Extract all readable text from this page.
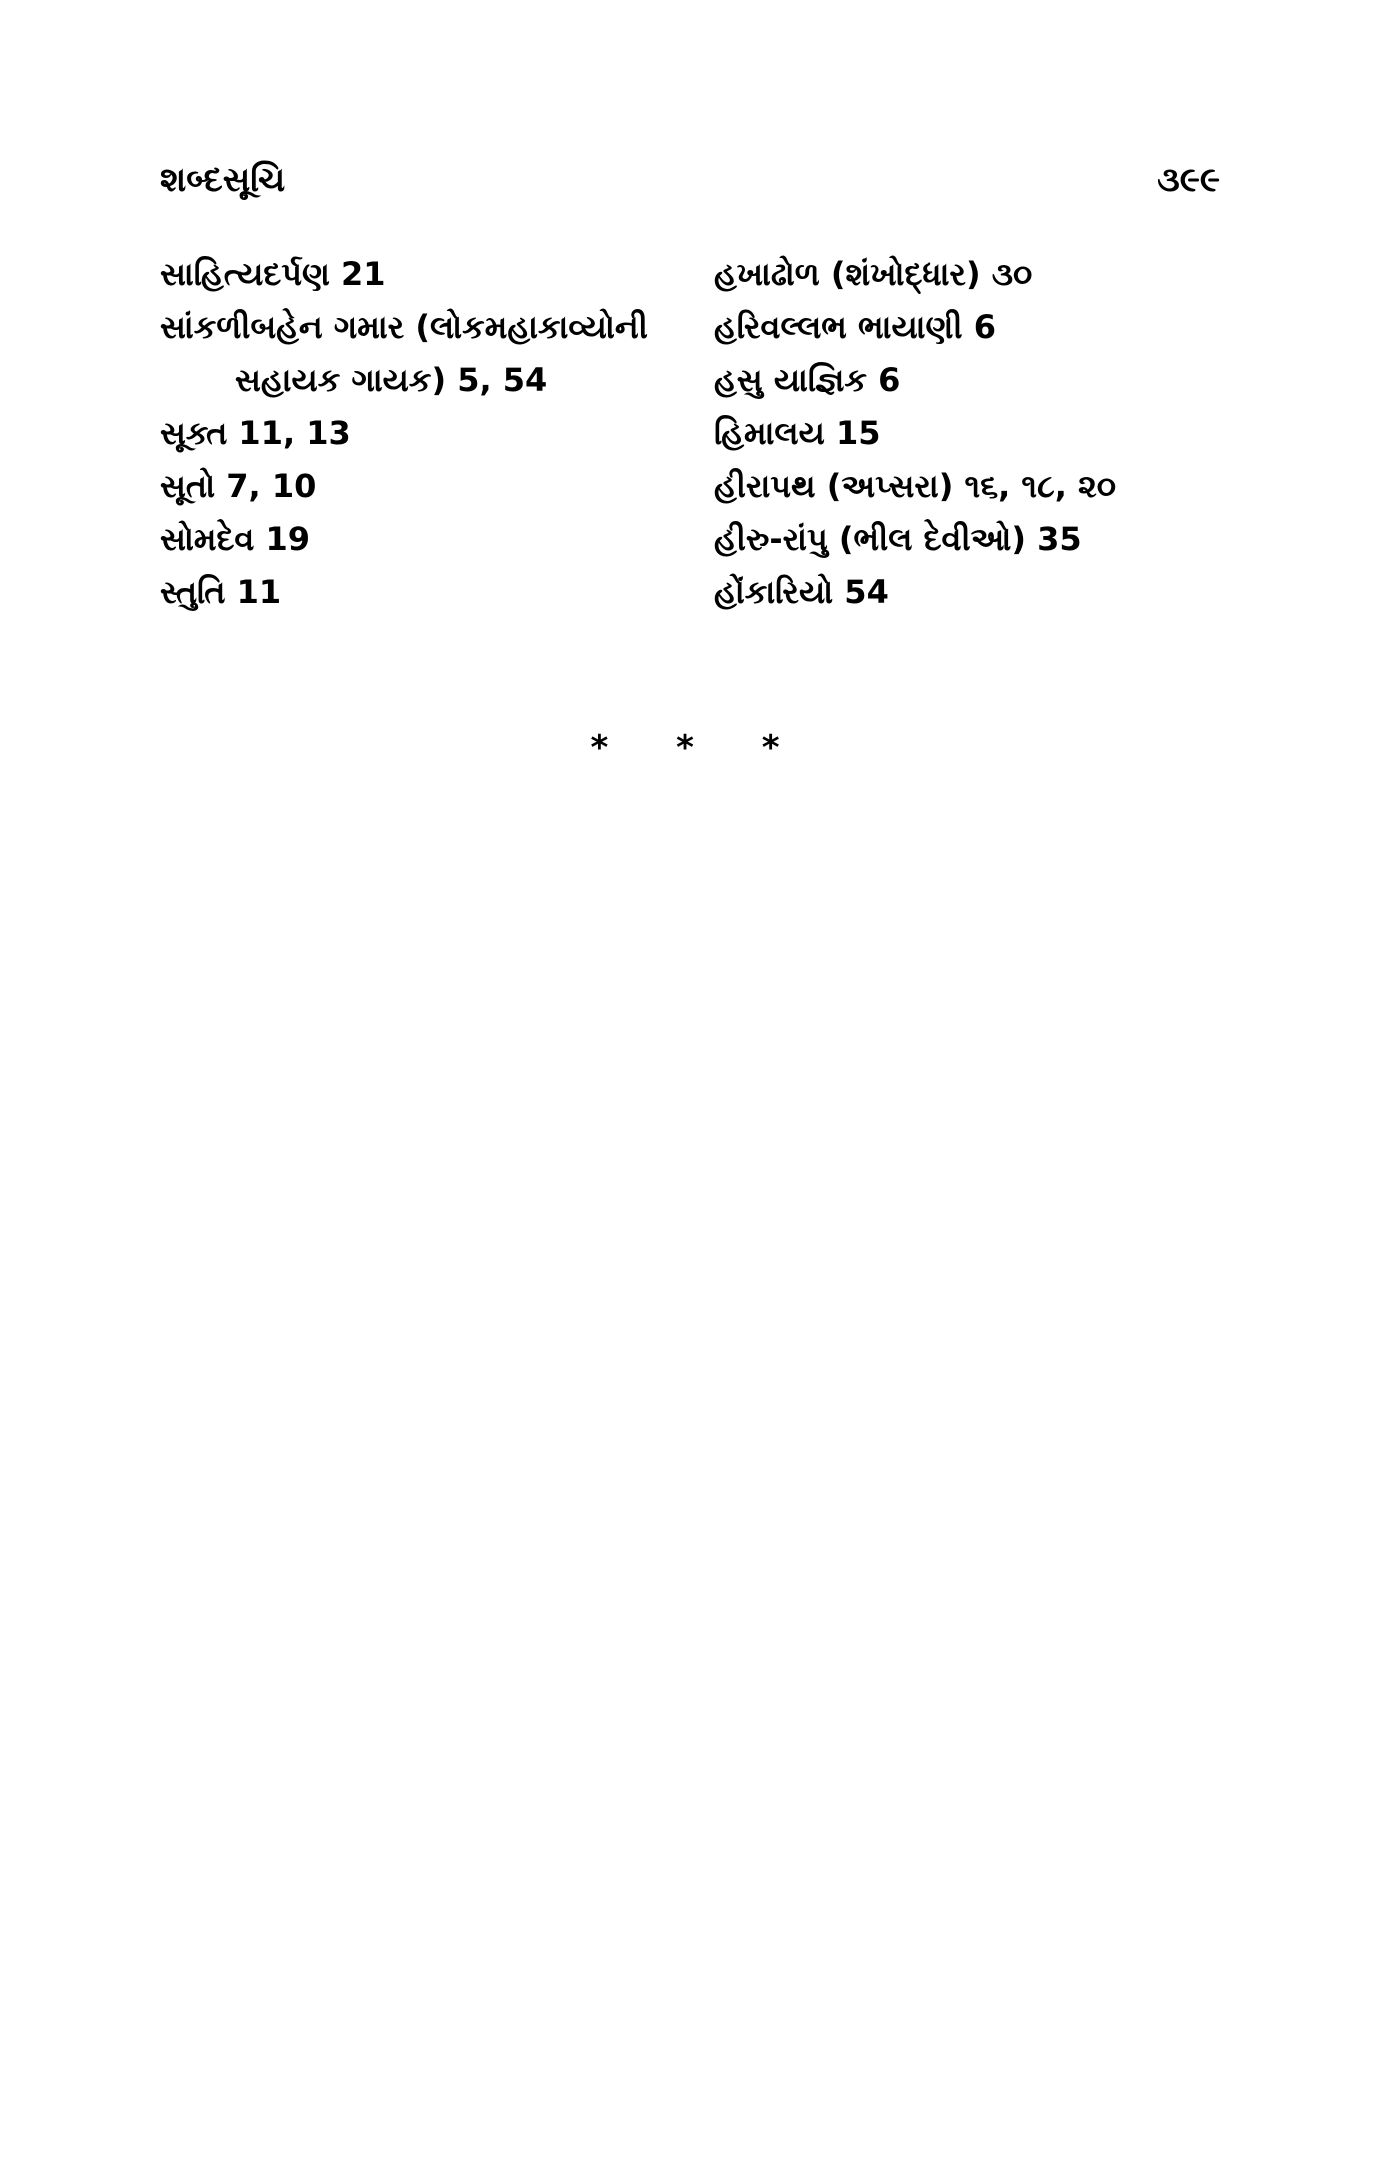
શબ્દસૂચિ	૩૯૯
સાહિત્યદર્પણ 21
સાંકળીબહેન ગમાર (લોકમહાકાવ્યોની
સહાયક ગાયક) 5, 54
સૂક્ત 11, 13
સૂતો 7, 10
સોમદેવ 19
સ્તુતિ 11
હખાઢોળ (શંખોદ્ધાર) ૩૦
હરિવલ્લભ ભાયાણી 6
હસુ યાજ્ઞિક 6
હિમાલય 15
હીરાપથ (અપ્સરા) ૧૬, ૧૮, ૨૦
હીરુ-રાંપુ (ભીલ દેવીઓ) 35
હોંકારિયો 54
* * *
